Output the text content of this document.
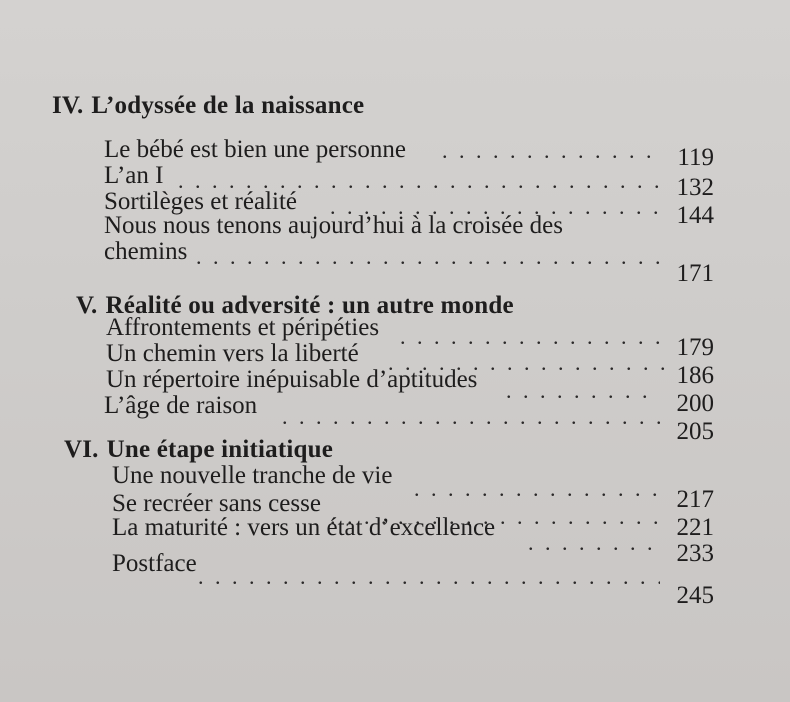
IV. L’odyssée de la naissance
Le bébé est bien une personne . . .	119
L’an I . . .	132
Sortilèges et réalité
. . .
144
Nous nous tenons aujourd’hui à la croisée des
chemins
. . .
171
V. Réalité ou adversité : un autre monde
Affrontements et péripéties
. . .
179
Un chemin vers la liberté
. . .
186
Un répertoire inépuisable d’aptitudes
. . .
200
L’âge de raison
. . .
205
VI. Une étape initiatique
Une nouvelle tranche de vie
. . .
217
Se recréer sans cesse
. . .
221
La maturité : vers un état d’excellence
. . .
233
Postface
. . .
245
